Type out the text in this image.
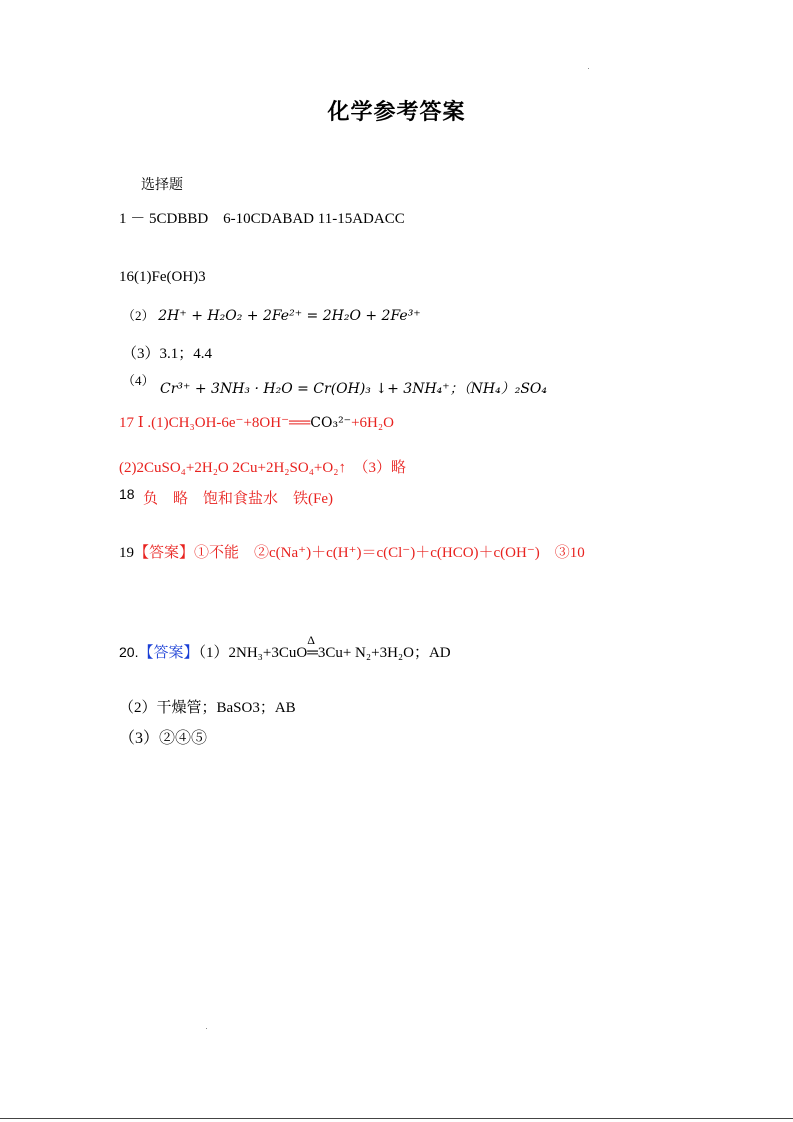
化学参考答案
选择题
1 － 5CDBBD　6-10CDABAD 11-15ADACC
16(1)Fe(OH)3
（2） 2H⁺ + H₂O₂ + 2Fe²⁺ = 2H₂O + 2Fe³⁺
（3）3.1；4.4
（4）
Cr³⁺ + 3NH₃ · H₂O = Cr(OH)₃ ↓+ 3NH₄⁺；（NH₄）₂SO₄
17 Ⅰ .(1)CH₃OH-6e⁻+8OH⁻══CO₃²⁻+6H₂O
(2)2CuSO₄+2H₂O 2Cu+2H₂SO₄+O₂↑　（3）略
18 负　略　饱和食盐水　铁(Fe)
19【答案】①不能　②c(Na⁺)＋c(H⁺)＝c(Cl⁻)＋c(HCO)＋c(OH⁻)　③10
20.【答案】（1）2NH₃+3CuO
Δ
═3Cu+ N₂+3H₂O；AD
（2）干燥管；BaSO3；AB
（3）②④⑤
